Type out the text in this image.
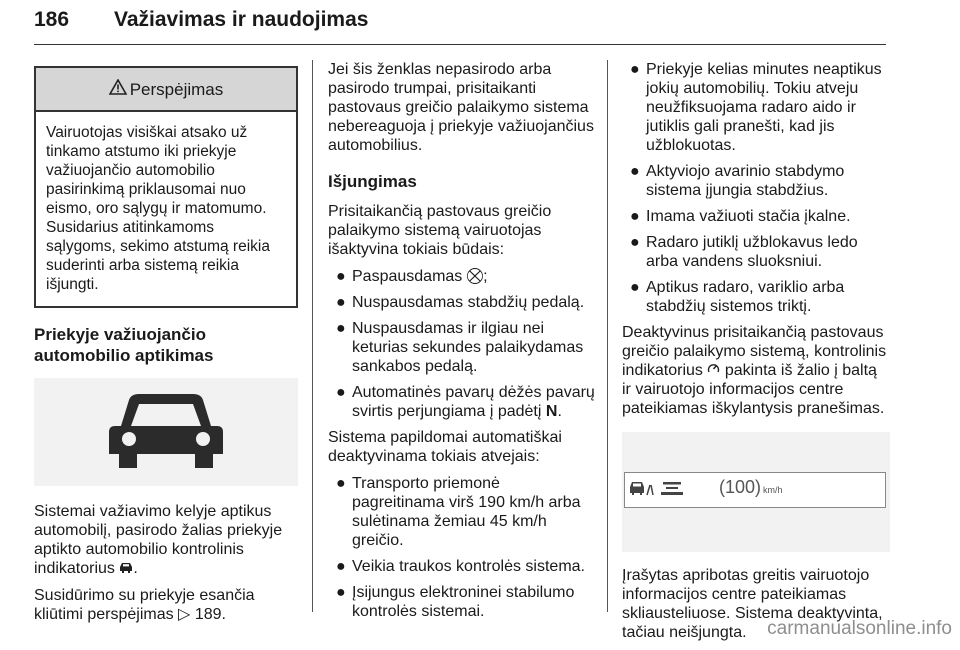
186 Važiavimas ir naudojimas
Perspėjimas
Vairuotojas visiškai atsako už tinkamo atstumo iki priekyje važiuojančio automobilio pasirinkimą priklausomai nuo eismo, oro sąlygų ir matomumo. Susidarius atitinkamoms sąlygoms, sekimo atstumą reikia suderinti arba sistemą reikia išjungti.
Priekyje važiuojančio automobilio aptikimas

Sistemai važiavimo kelyje aptikus automobilį, pasirodo žalias priekyje aptikto automobilio kontrolinis indikatorius .

Susidūrimo su priekyje esančia kliūtimi perspėjimas ▷ 189.

Jei šis ženklas nepasirodo arba pasirodo trumpai, prisitaikanti pastovaus greičio palaikymo sistema nebereaguoja į priekyje važiuojančius automobilius.

Išjungimas

Prisitaikančią pastovaus greičio palaikymo sistemą vairuotojas išaktyvina tokiais būdais:

● Paspausdamas ⛒;
● Nuspausdamas stabdžių pedalą.
● Nuspausdamas ir ilgiau nei keturias sekundes palaikydamas sankabos pedalą.
● Automatinės pavarų dėžės pavarų svirtis perjungiama į padėtį N.

Sistema papildomai automatiškai deaktyvinama tokiais atvejais:

● Transporto priemonė pagreitinama virš 190 km/h arba sulėtinama žemiau 45 km/h greičio.
● Veikia traukos kontrolės sistema.
● Įsijungus elektroninei stabilumo kontrolės sistemai.
● Priekyje kelias minutes neaptikus jokių automobilių. Tokiu atveju neužfiksuojama radaro aido ir jutiklis gali pranešti, kad jis užblokuotas.
● Aktyviojo avarinio stabdymo sistema įjungia stabdžius.
● Imama važiuoti stačia įkalne.
● Radaro jutiklį užblokavus ledo arba vandens sluoksniui.
● Aptikus radaro, variklio arba stabdžių sistemos triktį.

Deaktyvinus prisitaikančią pastovaus greičio palaikymo sistemą, kontrolinis indikatorius pakinta iš žalio į baltą ir vairuotojo informacijos centre pateikiamas iškylantysis pranešimas.

(100) km/h

Įrašytas apribotas greitis vairuotojo informacijos centre pateikiamas skliausteliuose. Sistema deaktyvinta, tačiau neišjungta.	carmanualsonline.info
